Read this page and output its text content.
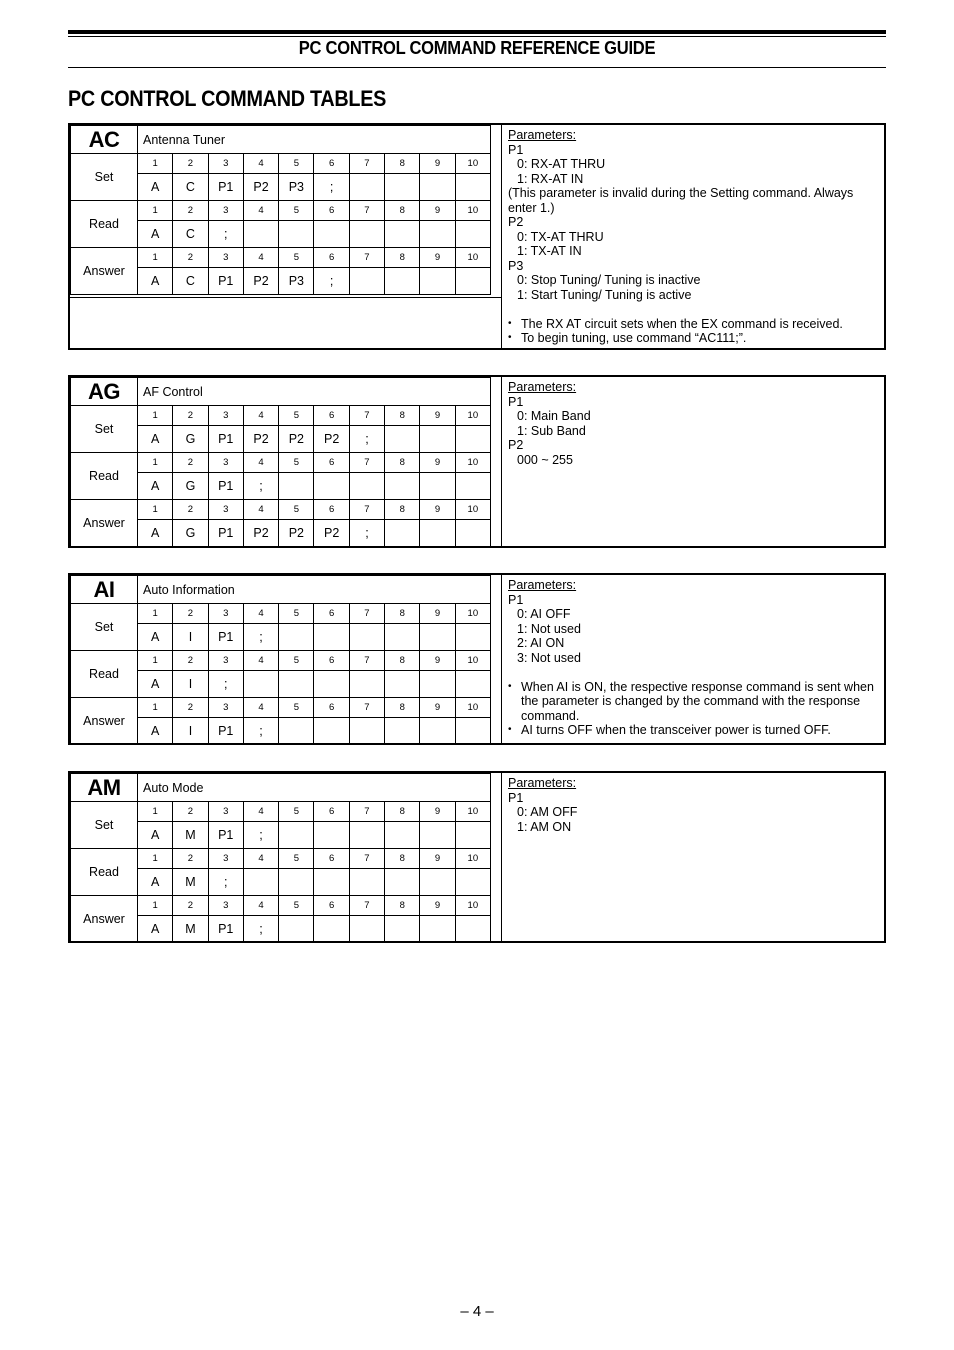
PC CONTROL COMMAND REFERENCE GUIDE
PC CONTROL COMMAND TABLES
AC	Antenna Tuner									
Set	1	2	3	4	5	6	7	8	9	10
	A	C	P1	P2	P3	;				
Read	1	2	3	4	5	6	7	8	9	10
	A	C	;							
Answer	1	2	3	4	5	6	7	8	9	10
	A	C	P1	P2	P3	;				
Parameters:
P1
0: RX-AT THRU
1: RX-AT IN
(This parameter is invalid during the Setting command. Always enter 1.)
P2
0: TX-AT THRU
1: TX-AT IN
P3
0: Stop Tuning/ Tuning is inactive
1: Start Tuning/ Tuning is active
• The RX AT circuit sets when the EX command is received.
• To begin tuning, use command “AC111;”.
AG	AF Control									
Set	1	2	3	4	5	6	7	8	9	10
	A	G	P1	P2	P2	P2	;			
Read	1	2	3	4	5	6	7	8	9	10
	A	G	P1	;						
Answer	1	2	3	4	5	6	7	8	9	10
	A	G	P1	P2	P2	P2	;			
Parameters:
P1
0: Main Band
1: Sub Band
P2
000 ~ 255
AI	Auto Information									
Set	1	2	3	4	5	6	7	8	9	10
	A	I	P1	;						
Read	1	2	3	4	5	6	7	8	9	10
	A	I	;							
Answer	1	2	3	4	5	6	7	8	9	10
	A	I	P1	;						
Parameters:
P1
0: AI OFF
1: Not used
2: AI ON
3: Not used
• When AI is ON, the respective response command is sent when the parameter is changed by the command with the response command.
• AI turns OFF when the transceiver power is turned OFF.
AM	Auto Mode									
Set	1	2	3	4	5	6	7	8	9	10
	A	M	P1	;						
Read	1	2	3	4	5	6	7	8	9	10
	A	M	;							
Answer	1	2	3	4	5	6	7	8	9	10
	A	M	P1	;						
Parameters:
P1
0: AM OFF
1: AM ON
– 4 –
